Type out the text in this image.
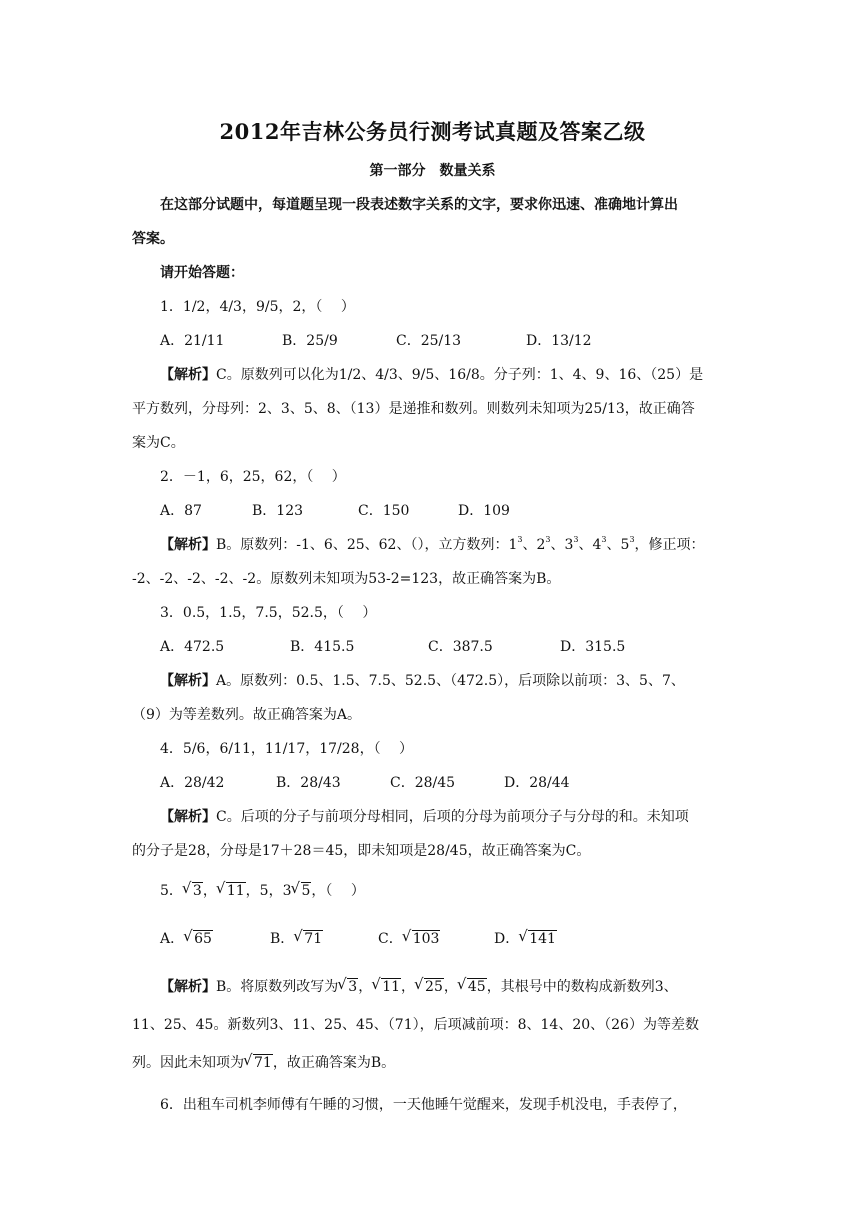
2012年吉林公务员行测考试真题及答案乙级
第一部分　数量关系
在这部分试题中，每道题呈现一段表述数字关系的文字，要求你迅速、准确地计算出
答案。
请开始答题：
1．1/2，4/3，9/5，2，（　 ）
A．21/11	B．25/9	C．25/13	D．13/12
【解析】C。原数列可以化为1/2、4/3、9/5、16/8。分子列：1、4、9、16、（25）是
平方数列，分母列：2、3、5、8、（13）是递推和数列。则数列未知项为25/13，故正确答
案为C。
2．－1，6，25，62，（　 ）
A．87	B．123	C．150	D．109
【解析】B。原数列：-1、6、25、62、（），立方数列：$1^3$、$2^3$、$3^3$、$4^3$、$5^3$，修正项：
-2、-2、-2、-2、-2。原数列未知项为53-2=123，故正确答案为B。
3．0.5，1.5，7.5，52.5，（　 ）
A．472.5	B．415.5	C．387.5	D．315.5
【解析】A。原数列：0.5、1.5、7.5、52.5、（472.5），后项除以前项：3、5、7、
（9）为等差数列。故正确答案为A。
4．5/6，6/11，11/17，17/28，（　 ）
A．28/42	B．28/43	C．28/45	D．28/44
【解析】C。后项的分子与前项分母相同，后项的分母为前项分子与分母的和。未知项
的分子是28，分母是17＋28＝45，即未知项是28/45，故正确答案为C。
5． √ 3， √ 11，5，3 √ 5，（　 ）
A． √ 65	B． √ 71	C． √ 103	D． √ 141
【解析】B。将原数列改写为 √ 3， √ 11， √ 25， √ 45，其根号中的数构成新数列3、
11、25、45。新数列3、11、25、45、（71），后项减前项：8、14、20、（26）为等差数
列。因此未知项为 √ 71，故正确答案为B。
6．出租车司机李师傅有午睡的习惯，一天他睡午觉醒来，发现手机没电，手表停了，
